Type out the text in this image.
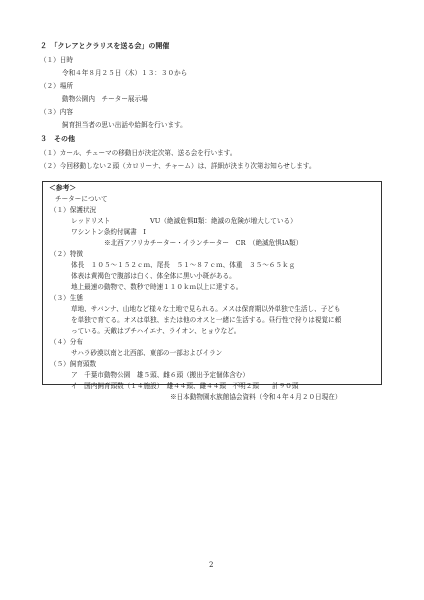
２　「クレアとクラリスを送る会」の開催
（１）日時
令和４年８月２５日（木）１３：３０から
（２）場所
動物公園内　チーター展示場
（３）内容
飼育担当者の思い出話や給餌を行います。
３　その他
（１）カール、チューマの移動日が決定次第、送る会を行います。
（２）今回移動しない２頭（カロリーナ、チャーム）は、詳細が決まり次第お知らせします。
＜参考＞
チーターについて
（１）保護状況
レッドリスト	VU（絶滅危惧Ⅱ類：絶滅の危険が増大している）
ワシントン条約付属書　Ⅰ
※北西アフリカチーター・イランチーター　CR　（絶滅危惧ⅠA類）
（２）特徴
体長　１０５〜１５２ｃｍ、尾長　５１〜８７ｃｍ、体重　３５〜６５ｋｇ
体表は黄褐色で腹部は白く、体全体に黒い小斑がある。
地上最速の動物で、数秒で時速１１０ｋｍ以上に達する。
（３）生態
草地、サバンナ、山地など様々な土地で見られる。メスは保育期以外単独で生活し、子ども
を単独で育てる。オスは単独、または他のオスと一緒に生活する。昼行性で狩りは視覚に頼
っている。天敵はブチハイエナ、ライオン、ヒョウなど。
（４）分布
サハラ砂漠以南と北西部、東部の一部およびイラン
（５）飼育頭数
ア　千葉市動物公園　雄５頭、雌６頭（搬出予定個体含む）
イ　国内飼育頭数（１４施設）　雄４４頭、雌４４頭　不明２頭　　計９０頭
※日本動物園水族館協会資料（令和４年４月２０日現在）
2
